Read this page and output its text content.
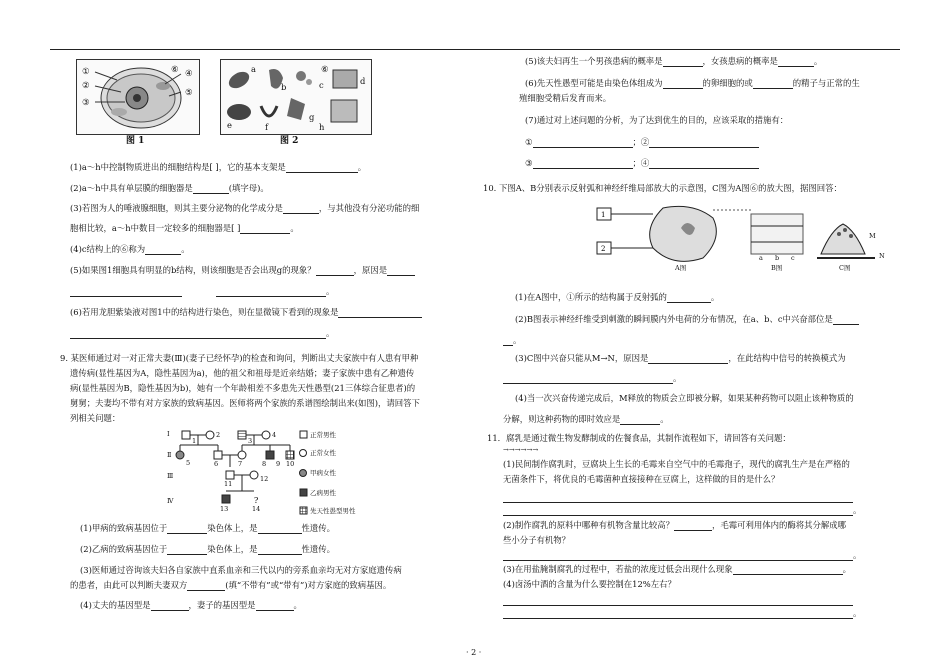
①
②
③
④
⑤
⑥
图 1
a
b	c	d
e	f
g
h
⑥
图 2
(1)a～h中控制物质进出的细胞结构是[ ]，它的基本支架是	。
(2)a～h中具有单层膜的细胞器是	(填字母)。
(3)若图为人的唾液腺细胞，则其主要分泌物的化学成分是	，与其他没有分泌功能的细
胞相比较，a～h中数目一定较多的细胞器是[ ]	。
(4)c结构上的⑥称为	。
(5)如果图1细胞具有明显的b结构，则该细胞是否会出现g的现象？	，原因是
。
(6)若用龙胆紫染液对图1中的结构进行染色，则在显微镜下看到的现象是
。
9. 某医师通过对一对正常夫妻(Ⅲ)(妻子已经怀孕)的检查和询问，判断出丈夫家族中有人患有甲种
遗传病(显性基因为A，隐性基因为a)，他的祖父和祖母是近亲结婚；妻子家族中患有乙种遗传
病(显性基因为B，隐性基因为b)，她有一个年龄相差不多患先天性愚型(21三体综合征患者)的
舅舅；夫妻均不带有对方家族的致病基因。医师将两个家族的系谱图绘制出来(如图)，请回答下
列相关问题：
?
Ⅰ
Ⅱ
Ⅲ
Ⅳ
1
2
3
4
5	6	7	8 9 10
11
12
13	14
正常男性
正常女性
甲病女性
乙病男性
先天性愚型男性
(1)甲病的致病基因位于	染色体上，是	性遗传。
(2)乙病的致病基因位于	染色体上，是	性遗传。
(3)医师通过咨询该夫妇各自家族中直系血亲和三代以内的旁系血亲均无对方家庭遗传病
的患者，由此可以判断夫妻双方	(填“不带有”或“带有”)对方家庭的致病基因。
(4)丈夫的基因型是	，妻子的基因型是	。
(5)该夫妇再生一个男孩患病的概率是	，女孩患病的概率是	。
(6)先天性愚型可能是由染色体组成为	的卵细胞的或	的精子与正常的生
殖细胞受精后发育而来。
(7)通过对上述问题的分析，为了达到优生的目的，应该采取的措施有：
①	；②
③	；④
10. 下图A、B分别表示反射弧和神经纤维局部放大的示意图，C图为A图⑥的放大图，据图回答：
1
2
A图	B图	C图
a b c
M
N
(1)在A图中，①所示的结构属于反射弧的	。
(2)B图表示神经纤维受到刺激的瞬间膜内外电荷的分布情况，在a、b、c中兴奋部位是
。
(3)C图中兴奋只能从M→N，原因是	，在此结构中信号的转换模式为
。
(4)当一次兴奋传递完成后，M释放的物质会立即被分解，如果某种药物可以阻止该种物质的
分解，则这种药物的即时效应是	。
11．腐乳是通过微生物发酵制成的佐餐食品，其制作流程如下，请回答有关问题：
→→→→→→
(1)民间制作腐乳时，豆腐块上生长的毛霉来自空气中的毛霉孢子，现代的腐乳生产是在严格的
无菌条件下，将优良的毛霉菌种直接接种在豆腐上，这样做的目的是什么？
。
(2)制作腐乳的原料中哪种有机物含量比较高？	，毛霉可利用体内的酶将其分解成哪
些小分子有机物？
。
(3)在用盐腌制腐乳的过程中，若盐的浓度过低会出现什么现象	。
(4)卤汤中酒的含量为什么要控制在12%左右？
。
· 2 ·
